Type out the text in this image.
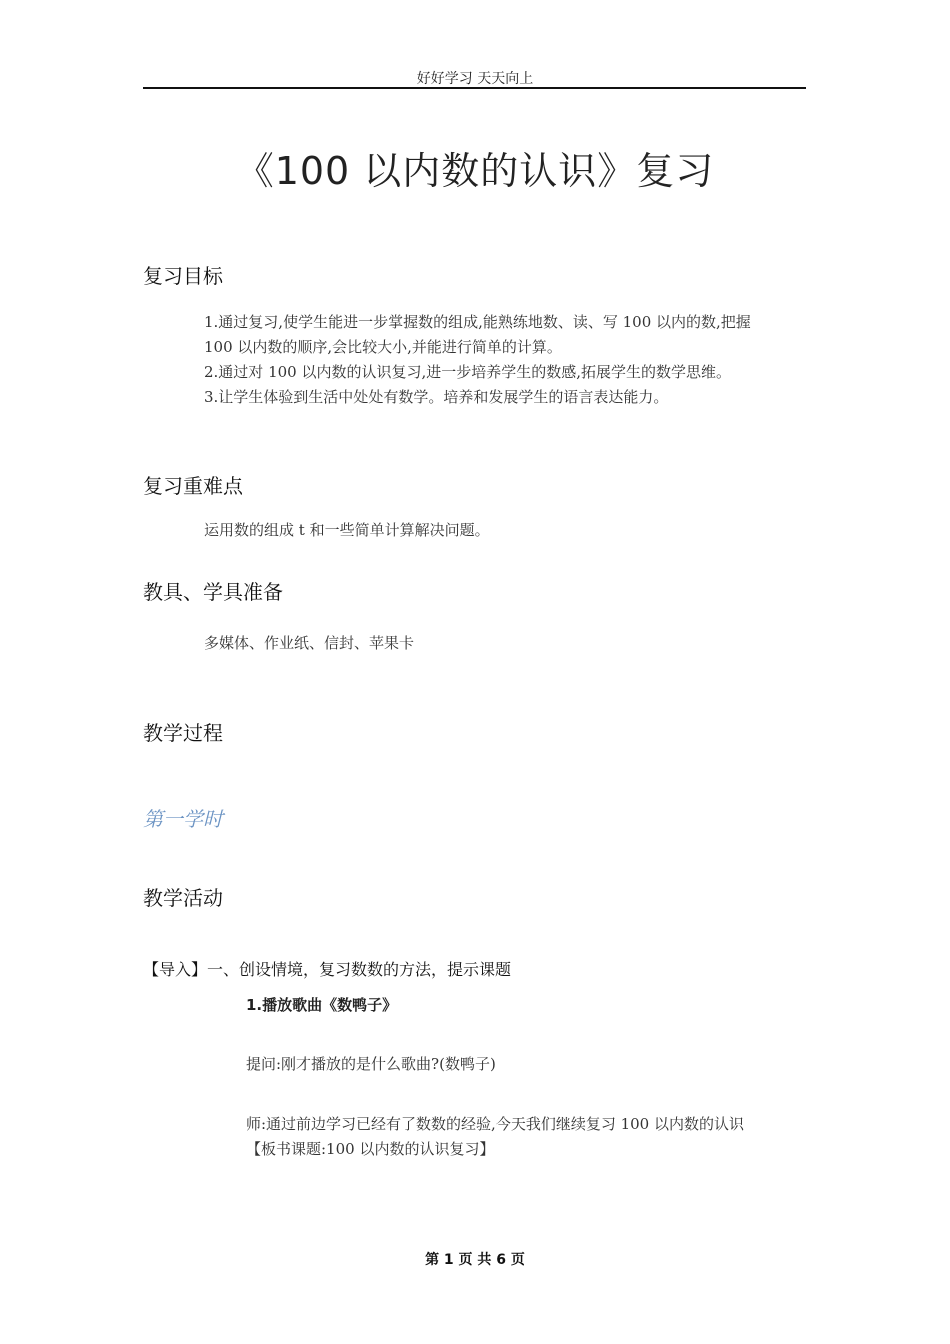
好好学习 天天向上
《100 以内数的认识》复习
复习目标
1.通过复习,使学生能进一步掌握数的组成,能熟练地数、读、写 100 以内的数,把握
100 以内数的顺序,会比较大小,并能进行简单的计算。
2.通过对 100 以内数的认识复习,进一步培养学生的数感,拓展学生的数学思维。
3.让学生体验到生活中处处有数学。培养和发展学生的语言表达能力。
复习重难点
运用数的组成 t 和一些简单计算解决问题。
教具、学具准备
多媒体、作业纸、信封、苹果卡
教学过程
第一学时
教学活动
【导入】一、创设情境，复习数数的方法，提示课题
1.播放歌曲《数鸭子》
提问:刚才播放的是什么歌曲?(数鸭子)
师:通过前边学习已经有了数数的经验,今天我们继续复习 100 以内数的认识
【板书课题:100 以内数的认识复习】
第 1 页 共 6 页
